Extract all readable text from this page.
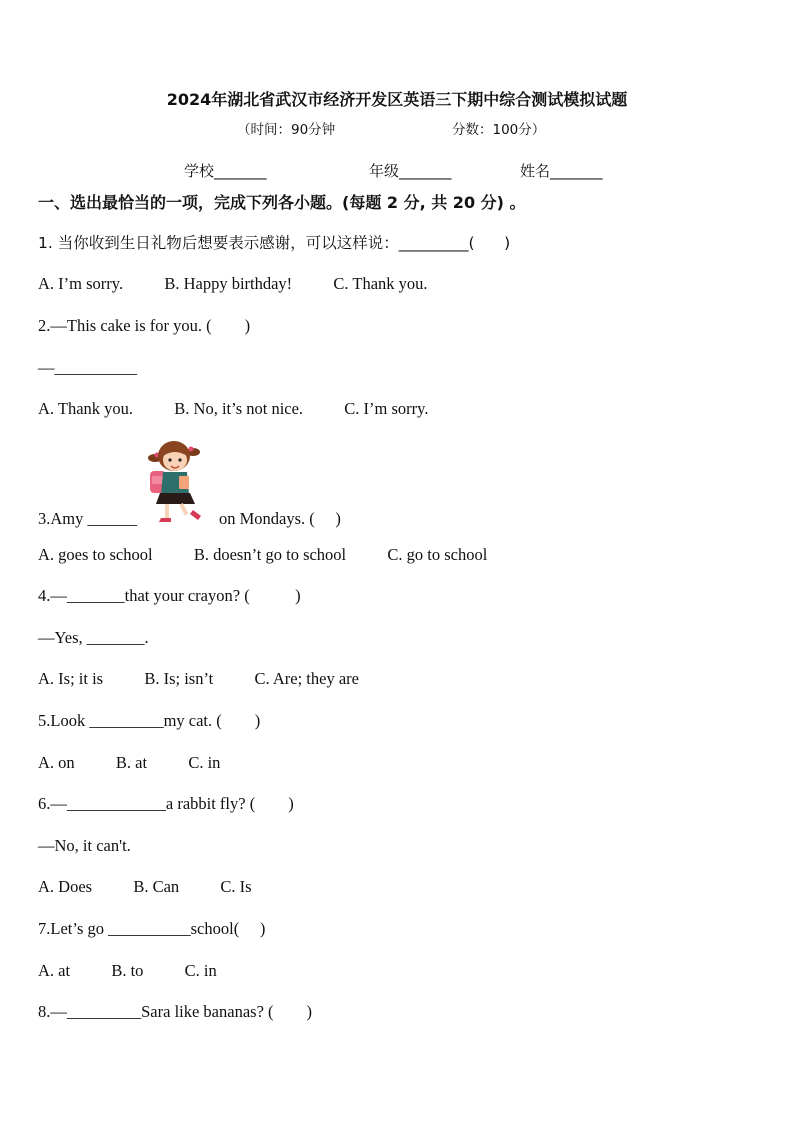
2024年湖北省武汉市经济开发区英语三下期中综合测试模拟试题
（时间：90分钟	分数：100分）
学校_______	年级_______	姓名_______
一、选出最恰当的一项，完成下列各小题。(每题 2 分, 共 20 分) 。
1. 当你收到生日礼物后想要表示感谢，可以这样说：_________(      )
A. I’m sorry.          B. Happy birthday!          C. Thank you.
2.—This cake is for you. (        )
—__________
A. Thank you.          B. No, it’s not nice.          C. I’m sorry.
3.Amy ______	on Mondays. (     )
A. goes to school          B. doesn’t go to school          C. go to school
4.—_______that your crayon? (           )
—Yes, _______.
A. Is; it is          B. Is; isn’t          C. Are; they are
5.Look _________my cat. (        )
A. on          B. at          C. in
6.—____________a rabbit fly? (        )
—No, it can't.
A. Does          B. Can          C. Is
7.Let’s go __________school(     )
A. at          B. to          C. in
8.—_________Sara like bananas? (        )
